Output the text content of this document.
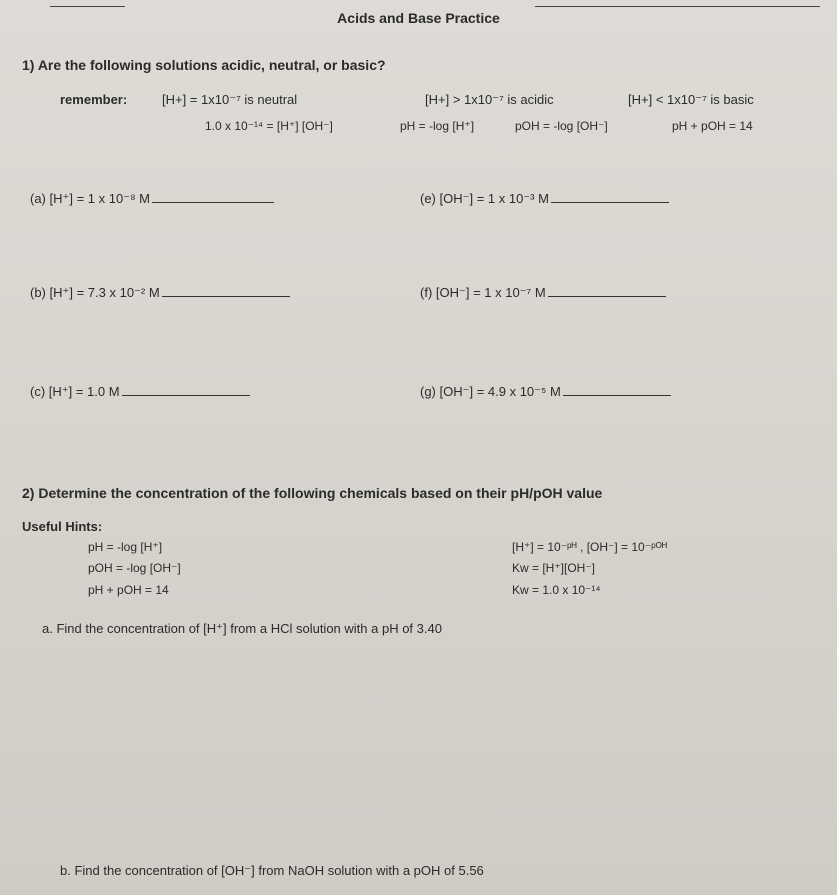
Acids and Base Practice
1) Are the following solutions acidic, neutral, or basic?
remember:	[H+] = 1x10⁻⁷ is neutral	[H+] > 1x10⁻⁷ is acidic	[H+] < 1x10⁻⁷ is basic
1.0 x 10⁻¹⁴ = [H⁺] [OH⁻]	pH = -log [H⁺]	pOH = -log [OH⁻]	pH + pOH = 14
(a) [H⁺] = 1 x 10⁻⁸ M
(b) [H⁺] = 7.3 x 10⁻² M
(c) [H⁺] = 1.0 M
(e) [OH⁻] = 1 x 10⁻³ M
(f) [OH⁻] = 1 x 10⁻⁷ M
(g) [OH⁻] = 4.9 x 10⁻⁵ M
2) Determine the concentration of the following chemicals based on their pH/pOH value
Useful Hints:
pH = -log [H⁺]
pOH = -log [OH⁻]
pH + pOH = 14
[H⁺] = 10⁻ᵖᴴ , [OH⁻] = 10⁻ᵖᴼᴴ
Kw = [H⁺][OH⁻]
Kw = 1.0 x 10⁻¹⁴
a. Find the concentration of [H⁺] from a HCl solution with a pH of 3.40
b. Find the concentration of [OH⁻] from NaOH solution with a pOH of 5.56
